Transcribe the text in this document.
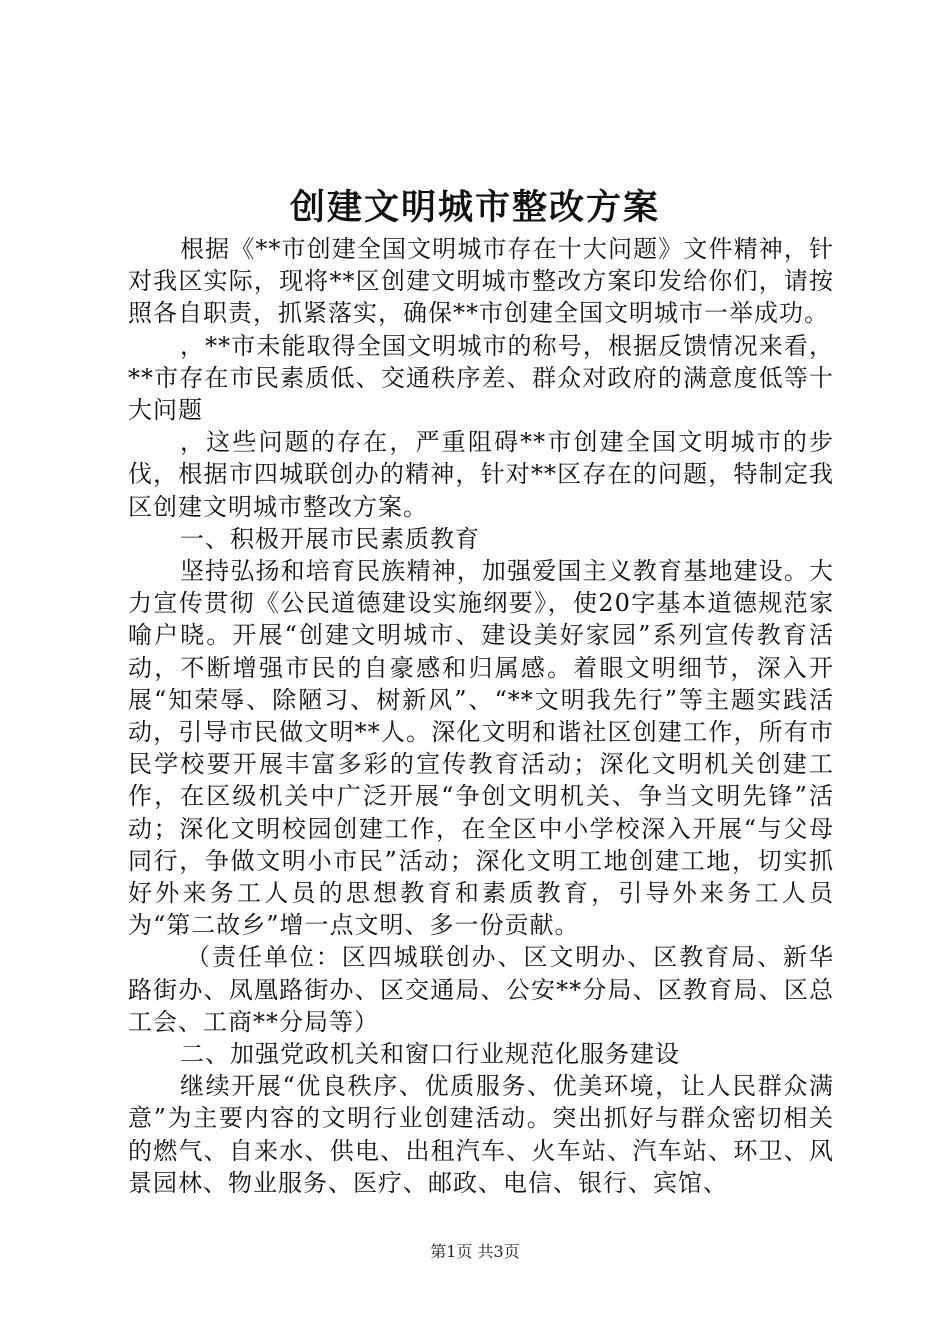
创建文明城市整改方案

根据《**市创建全国文明城市存在十大问题》文件精神，针对我区实际，现将**区创建文明城市整改方案印发给你们，请按照各自职责，抓紧落实，确保**市创建全国文明城市一举成功。

，**市未能取得全国文明城市的称号，根据反馈情况来看，**市存在市民素质低、交通秩序差、群众对政府的满意度低等十大问题

，这些问题的存在，严重阻碍**市创建全国文明城市的步伐，根据市四城联创办的精神，针对**区存在的问题，特制定我区创建文明城市整改方案。

一、积极开展市民素质教育

坚持弘扬和培育民族精神，加强爱国主义教育基地建设。大力宣传贯彻《公民道德建设实施纲要》，使20字基本道德规范家喻户晓。开展“创建文明城市、建设美好家园”系列宣传教育活动，不断增强市民的自豪感和归属感。着眼文明细节，深入开展“知荣辱、除陋习、树新风”、“**文明我先行”等主题实践活动，引导市民做文明**人。深化文明和谐社区创建工作，所有市民学校要开展丰富多彩的宣传教育活动；深化文明机关创建工作，在区级机关中广泛开展“争创文明机关、争当文明先锋”活动；深化文明校园创建工作，在全区中小学校深入开展“与父母同行，争做文明小市民”活动；深化文明工地创建工地，切实抓好外来务工人员的思想教育和素质教育，引导外来务工人员为“第二故乡”增一点文明、多一份贡献。

（责任单位：区四城联创办、区文明办、区教育局、新华路街办、凤凰路街办、区交通局、公安**分局、区教育局、区总工会、工商**分局等）

二、加强党政机关和窗口行业规范化服务建设

继续开展“优良秩序、优质服务、优美环境，让人民群众满意”为主要内容的文明行业创建活动。突出抓好与群众密切相关的燃气、自来水、供电、出租汽车、火车站、汽车站、环卫、风景园林、物业服务、医疗、邮政、电信、银行、宾馆、

第1页 共3页
